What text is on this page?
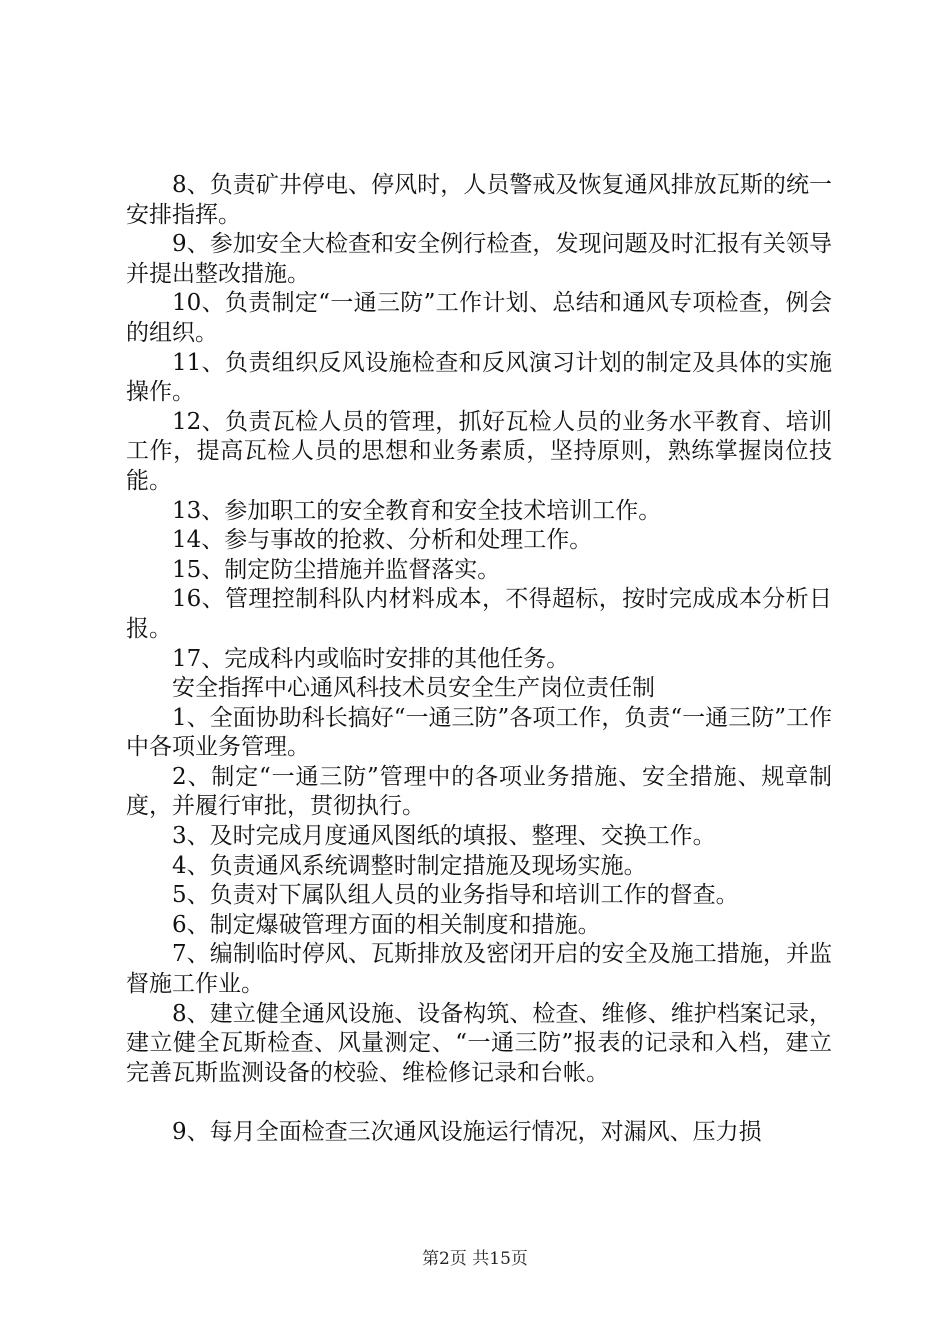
8、负责矿井停电、停风时，人员警戒及恢复通风排放瓦斯的统一安排指挥。

9、参加安全大检查和安全例行检查，发现问题及时汇报有关领导并提出整改措施。

10、负责制定“一通三防”工作计划、总结和通风专项检查，例会的组织。

11、负责组织反风设施检查和反风演习计划的制定及具体的实施操作。

12、负责瓦检人员的管理，抓好瓦检人员的业务水平教育、培训工作，提高瓦检人员的思想和业务素质，坚持原则，熟练掌握岗位技能。

13、参加职工的安全教育和安全技术培训工作。

14、参与事故的抢救、分析和处理工作。

15、制定防尘措施并监督落实。

16、管理控制科队内材料成本，不得超标，按时完成成本分析日报。

17、完成科内或临时安排的其他任务。

安全指挥中心通风科技术员安全生产岗位责任制

1、全面协助科长搞好“一通三防”各项工作，负责“一通三防”工作中各项业务管理。

2、制定“一通三防”管理中的各项业务措施、安全措施、规章制度，并履行审批，贯彻执行。

3、及时完成月度通风图纸的填报、整理、交换工作。

4、负责通风系统调整时制定措施及现场实施。

5、负责对下属队组人员的业务指导和培训工作的督查。

6、制定爆破管理方面的相关制度和措施。

7、编制临时停风、瓦斯排放及密闭开启的安全及施工措施，并监督施工作业。

8、建立健全通风设施、设备构筑、检查、维修、维护档案记录，建立健全瓦斯检查、风量测定、“一通三防”报表的记录和入档，建立完善瓦斯监测设备的校验、维检修记录和台帐。

9、每月全面检查三次通风设施运行情况，对漏风、压力损

第2页 共15页
